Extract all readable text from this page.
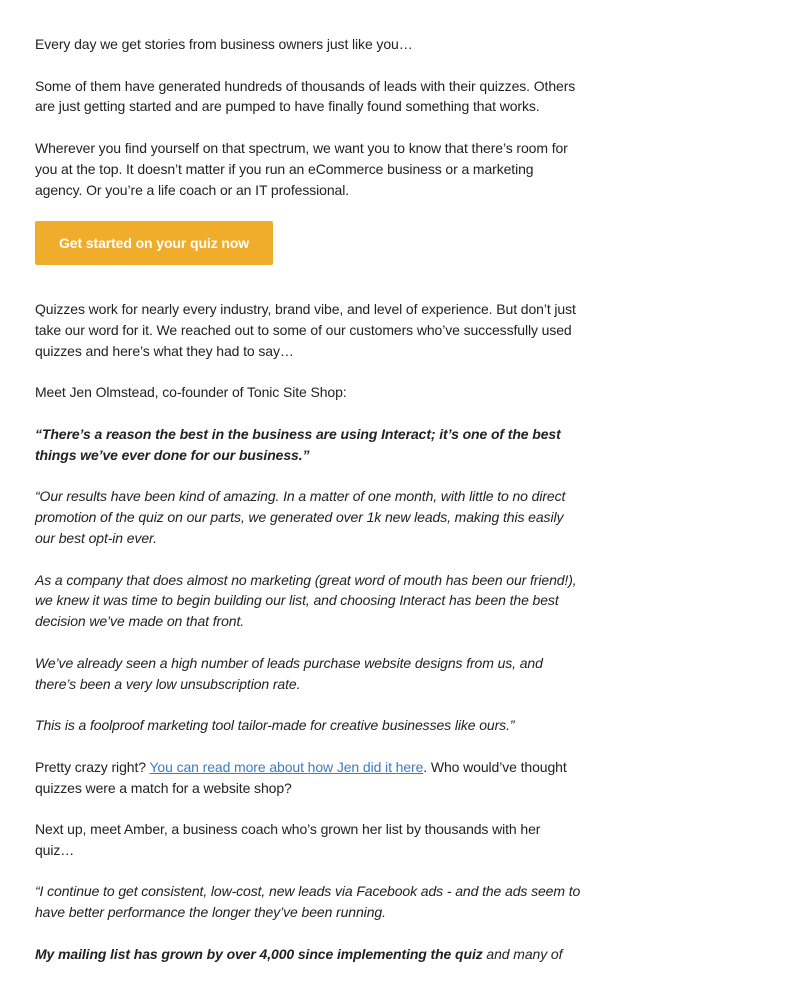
Every day we get stories from business owners just like you…

Some of them have generated hundreds of thousands of leads with their quizzes. Others are just getting started and are pumped to have finally found something that works.

Wherever you find yourself on that spectrum, we want you to know that there’s room for you at the top. It doesn’t matter if you run an eCommerce business or a marketing agency. Or you’re a life coach or an IT professional.

Get started on your quiz now

Quizzes work for nearly every industry, brand vibe, and level of experience. But don’t just take our word for it. We reached out to some of our customers who’ve successfully used quizzes and here’s what they had to say…

Meet Jen Olmstead, co-founder of Tonic Site Shop:

“There’s a reason the best in the business are using Interact; it’s one of the best things we’ve ever done for our business.”

“Our results have been kind of amazing. In a matter of one month, with little to no direct promotion of the quiz on our parts, we generated over 1k new leads, making this easily our best opt-in ever.

As a company that does almost no marketing (great word of mouth has been our friend!), we knew it was time to begin building our list, and choosing Interact has been the best decision we’ve made on that front.

We’ve already seen a high number of leads purchase website designs from us, and there’s been a very low unsubscription rate.

This is a foolproof marketing tool tailor-made for creative businesses like ours.”

Pretty crazy right? You can read more about how Jen did it here. Who would’ve thought quizzes were a match for a website shop?

Next up, meet Amber, a business coach who’s grown her list by thousands with her quiz…

“I continue to get consistent, low-cost, new leads via Facebook ads - and the ads seem to have better performance the longer they’ve been running.

My mailing list has grown by over 4,000 since implementing the quiz and many of
